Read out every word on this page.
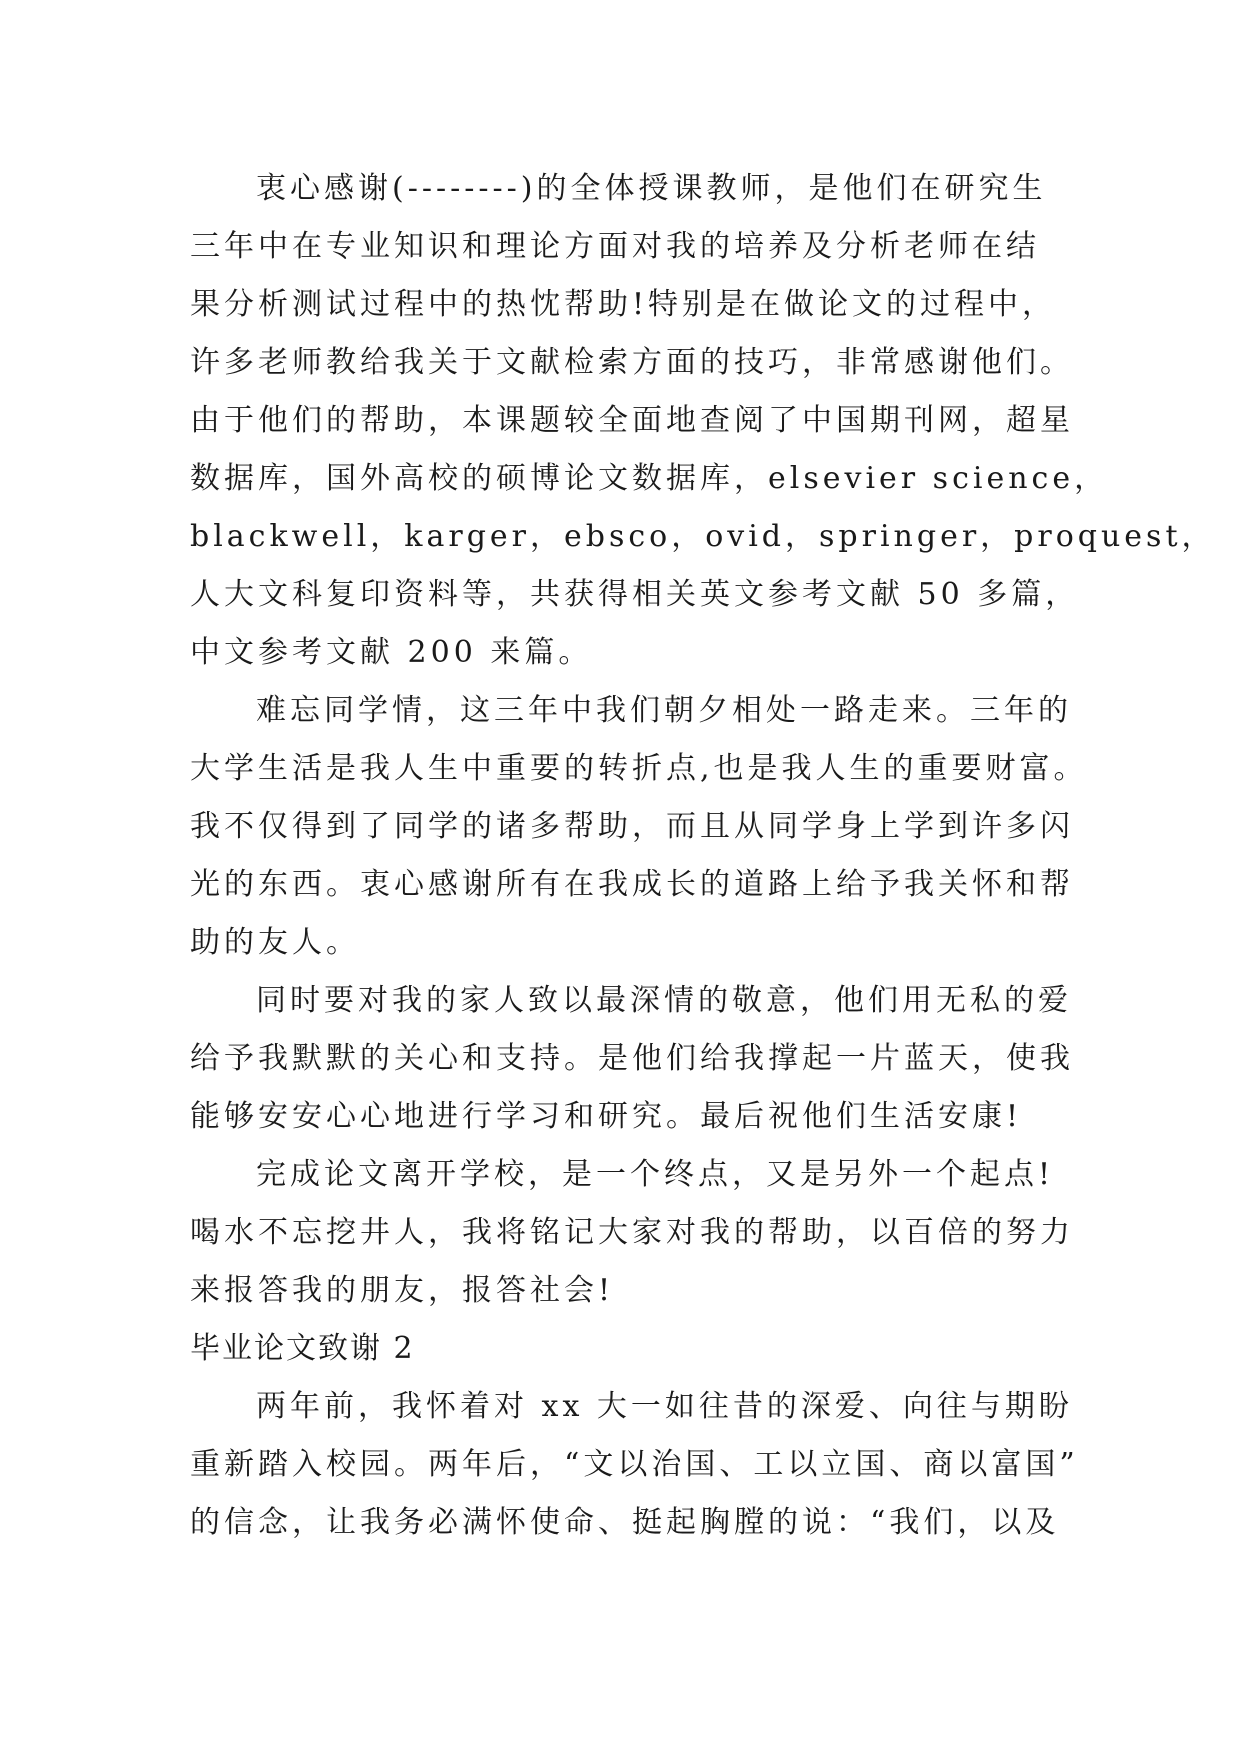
衷心感谢(--------)的全体授课教师，是他们在研究生
三年中在专业知识和理论方面对我的培养及分析老师在结
果分析测试过程中的热忱帮助!特别是在做论文的过程中，
许多老师教给我关于文献检索方面的技巧，非常感谢他们。
由于他们的帮助，本课题较全面地查阅了中国期刊网，超星
数据库，国外高校的硕博论文数据库，elsevier science，
blackwell，karger，ebsco，ovid，springer，proquest，
人大文科复印资料等，共获得相关英文参考文献 50 多篇，
中文参考文献 200 来篇。
难忘同学情，这三年中我们朝夕相处一路走来。三年的
大学生活是我人生中重要的转折点,也是我人生的重要财富。
我不仅得到了同学的诸多帮助，而且从同学身上学到许多闪
光的东西。衷心感谢所有在我成长的道路上给予我关怀和帮
助的友人。
同时要对我的家人致以最深情的敬意，他们用无私的爱
给予我默默的关心和支持。是他们给我撑起一片蓝天，使我
能够安安心心地进行学习和研究。最后祝他们生活安康!
完成论文离开学校，是一个终点，又是另外一个起点!
喝水不忘挖井人，我将铭记大家对我的帮助，以百倍的努力
来报答我的朋友，报答社会!
毕业论文致谢 2
两年前，我怀着对 xx 大一如往昔的深爱、向往与期盼
重新踏入校园。两年后，“文以治国、工以立国、商以富国”
的信念，让我务必满怀使命、挺起胸膛的说：“我们，以及
